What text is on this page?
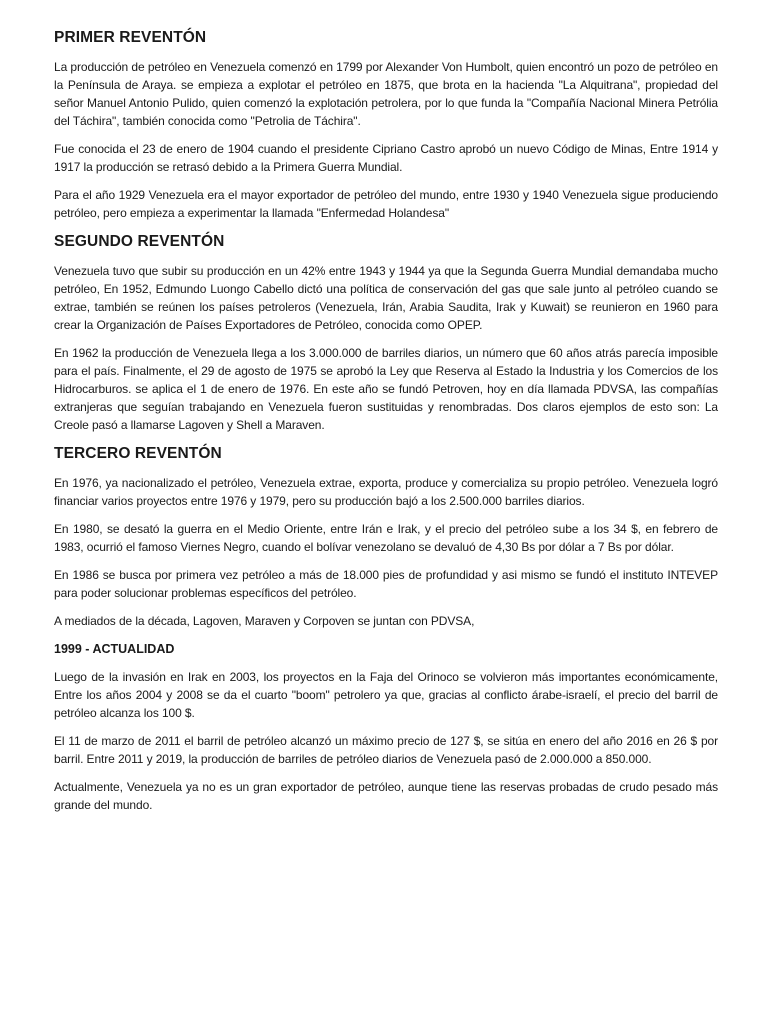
PRIMER REVENTÓN

La producción de petróleo en Venezuela comenzó en 1799 por Alexander Von Humbolt, quien encontró un pozo de petróleo en la Península de Araya. se empieza a explotar el petróleo en 1875, que brota en la hacienda "La Alquitrana", propiedad del señor Manuel Antonio Pulido, quien comenzó la explotación petrolera, por lo que funda la "Compañía Nacional Minera Petrólia del Táchira", también conocida como "Petrolia de Táchira".

Fue conocida el 23 de enero de 1904 cuando el presidente Cipriano Castro aprobó un nuevo Código de Minas, Entre 1914 y 1917 la producción se retrasó debido a la Primera Guerra Mundial.

Para el año 1929 Venezuela era el mayor exportador de petróleo del mundo, entre 1930 y 1940 Venezuela sigue produciendo petróleo, pero empieza a experimentar la llamada "Enfermedad Holandesa"

SEGUNDO REVENTÓN

Venezuela tuvo que subir su producción en un 42% entre 1943 y 1944 ya que la Segunda Guerra Mundial demandaba mucho petróleo, En 1952, Edmundo Luongo Cabello dictó una política de conservación del gas que sale junto al petróleo cuando se extrae, también se reúnen los países petroleros (Venezuela, Irán, Arabia Saudita, Irak y Kuwait) se reunieron en 1960 para crear la Organización de Países Exportadores de Petróleo, conocida como OPEP.

En 1962 la producción de Venezuela llega a los 3.000.000 de barriles diarios, un número que 60 años atrás parecía imposible para el país. Finalmente, el 29 de agosto de 1975 se aprobó la Ley que Reserva al Estado la Industria y los Comercios de los Hidrocarburos. se aplica el 1 de enero de 1976. En este año se fundó Petroven, hoy en día llamada PDVSA, las compañías extranjeras que seguían trabajando en Venezuela fueron sustituidas y renombradas. Dos claros ejemplos de esto son: La Creole pasó a llamarse Lagoven y Shell a Maraven.

TERCERO REVENTÓN

En 1976, ya nacionalizado el petróleo, Venezuela extrae, exporta, produce y comercializa su propio petróleo. Venezuela logró financiar varios proyectos entre 1976 y 1979, pero su producción bajó a los 2.500.000 barriles diarios.

En 1980, se desató la guerra en el Medio Oriente, entre Irán e Irak, y el precio del petróleo sube a los 34 $, en febrero de 1983, ocurrió el famoso Viernes Negro, cuando el bolívar venezolano se devaluó de 4,30 Bs por dólar a 7 Bs por dólar.

En 1986 se busca por primera vez petróleo a más de 18.000 pies de profundidad y asi mismo se fundó el instituto INTEVEP para poder solucionar problemas específicos del petróleo.

A mediados de la década, Lagoven, Maraven y Corpoven se juntan con PDVSA,

1999 - ACTUALIDAD

Luego de la invasión en Irak en 2003, los proyectos en la Faja del Orinoco se volvieron más importantes económicamente, Entre los años 2004 y 2008 se da el cuarto "boom" petrolero ya que, gracias al conflicto árabe-israelí, el precio del barril de petróleo alcanza los 100 $.

El 11 de marzo de 2011 el barril de petróleo alcanzó un máximo precio de 127 $, se sitúa en enero del año 2016 en 26 $ por barril. Entre 2011 y 2019, la producción de barriles de petróleo diarios de Venezuela pasó de 2.000.000 a 850.000.

Actualmente, Venezuela ya no es un gran exportador de petróleo, aunque tiene las reservas probadas de crudo pesado más grande del mundo.
